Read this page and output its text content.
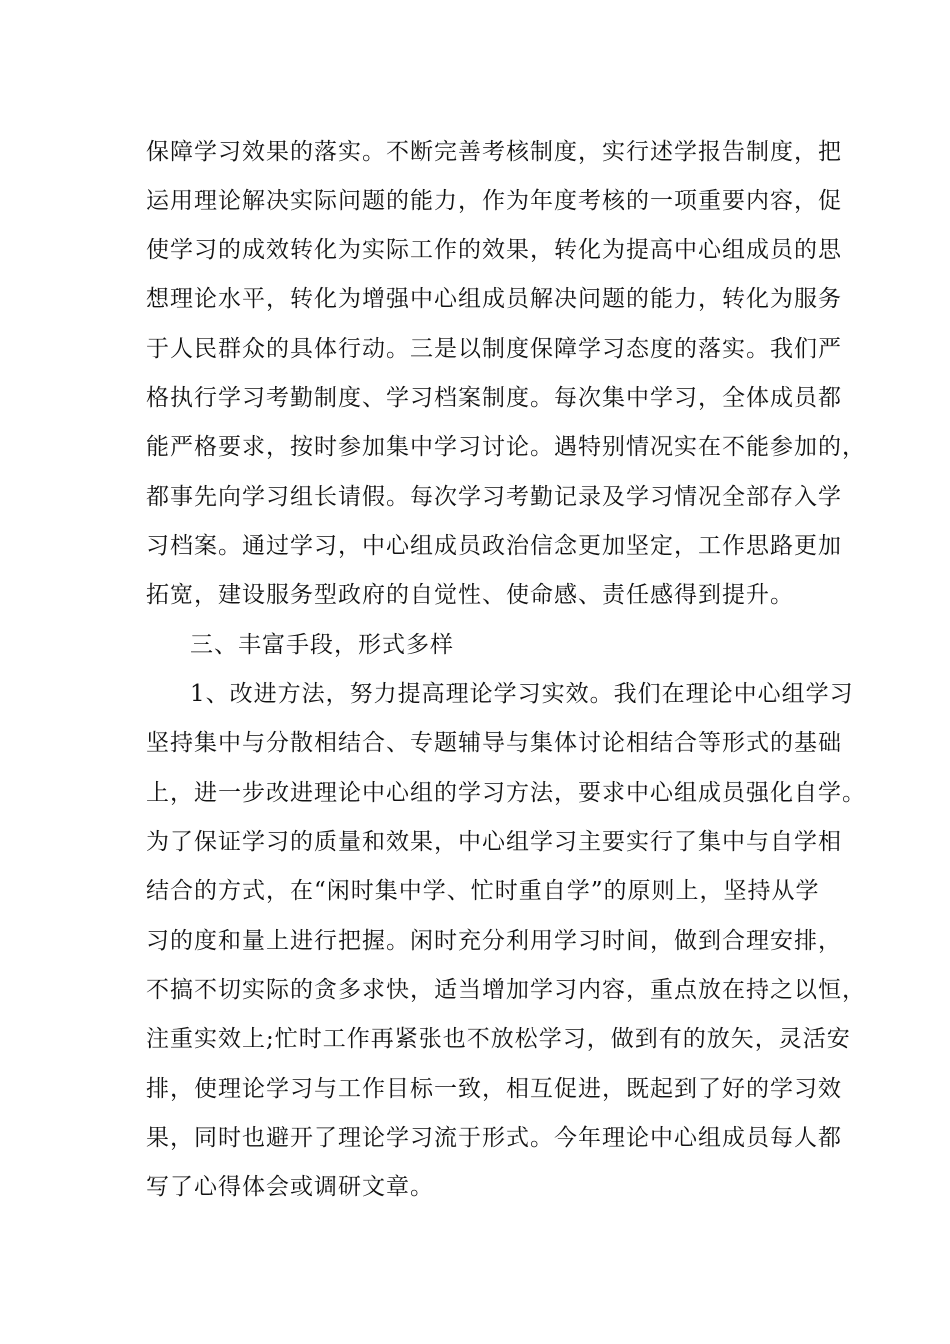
保障学习效果的落实。不断完善考核制度，实行述学报告制度，把
运用理论解决实际问题的能力，作为年度考核的一项重要内容，促
使学习的成效转化为实际工作的效果，转化为提高中心组成员的思
想理论水平，转化为增强中心组成员解决问题的能力，转化为服务
于人民群众的具体行动。三是以制度保障学习态度的落实。我们严
格执行学习考勤制度、学习档案制度。每次集中学习，全体成员都
能严格要求，按时参加集中学习讨论。遇特别情况实在不能参加的，
都事先向学习组长请假。每次学习考勤记录及学习情况全部存入学
习档案。通过学习，中心组成员政治信念更加坚定，工作思路更加
拓宽，建设服务型政府的自觉性、使命感、责任感得到提升。
三、丰富手段，形式多样
1、改进方法，努力提高理论学习实效。我们在理论中心组学习
坚持集中与分散相结合、专题辅导与集体讨论相结合等形式的基础
上，进一步改进理论中心组的学习方法，要求中心组成员强化自学。
为了保证学习的质量和效果，中心组学习主要实行了集中与自学相
结合的方式，在“闲时集中学、忙时重自学”的原则上，坚持从学
习的度和量上进行把握。闲时充分利用学习时间，做到合理安排，
不搞不切实际的贪多求快，适当增加学习内容，重点放在持之以恒，
注重实效上;忙时工作再紧张也不放松学习，做到有的放矢，灵活安
排，使理论学习与工作目标一致，相互促进，既起到了好的学习效
果，同时也避开了理论学习流于形式。今年理论中心组成员每人都
写了心得体会或调研文章。
